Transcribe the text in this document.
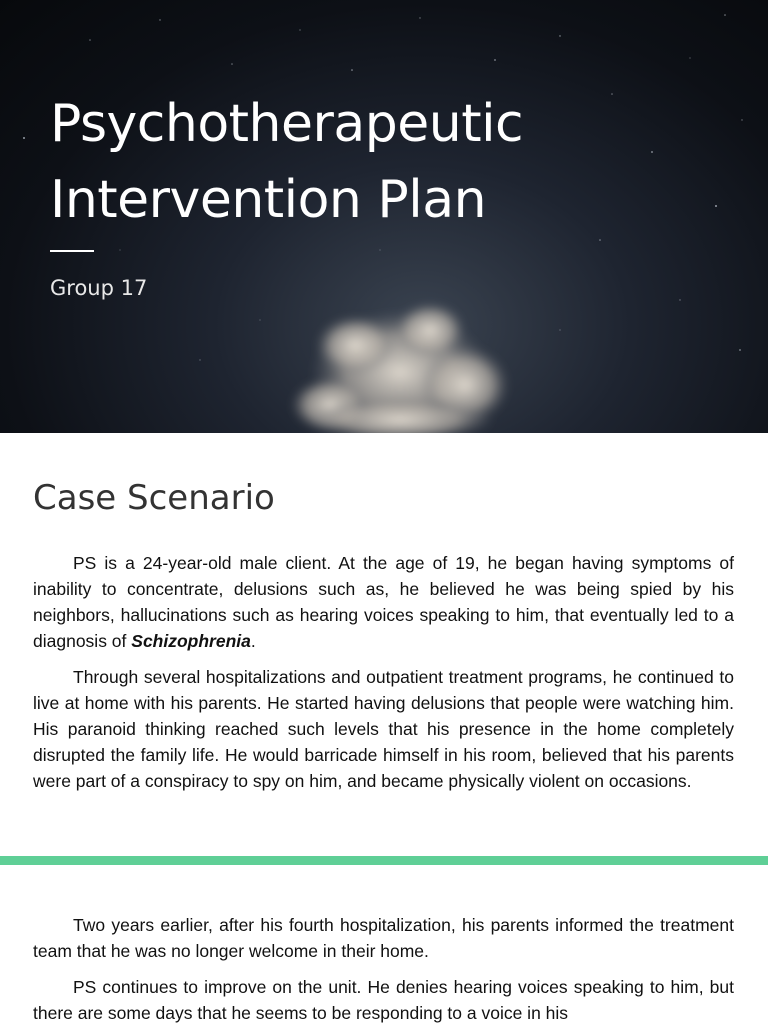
Psychotherapeutic
Intervention Plan
Group 17
Case Scenario

PS is a 24-year-old male client. At the age of 19, he began having symptoms of inability to concentrate, delusions such as, he believed he was being spied by his neighbors, hallucinations such as hearing voices speaking to him, that eventually led to a diagnosis of Schizophrenia.

Through several hospitalizations and outpatient treatment programs, he continued to live at home with his parents. He started having delusions that people were watching him. His paranoid thinking reached such levels that his presence in the home completely disrupted the family life. He would barricade himself in his room, believed that his parents were part of a conspiracy to spy on him, and became physically violent on occasions.

Two years earlier, after his fourth hospitalization, his parents informed the treatment team that he was no longer welcome in their home.

PS continues to improve on the unit. He denies hearing voices speaking to him, but there are some days that he seems to be responding to a voice in his
